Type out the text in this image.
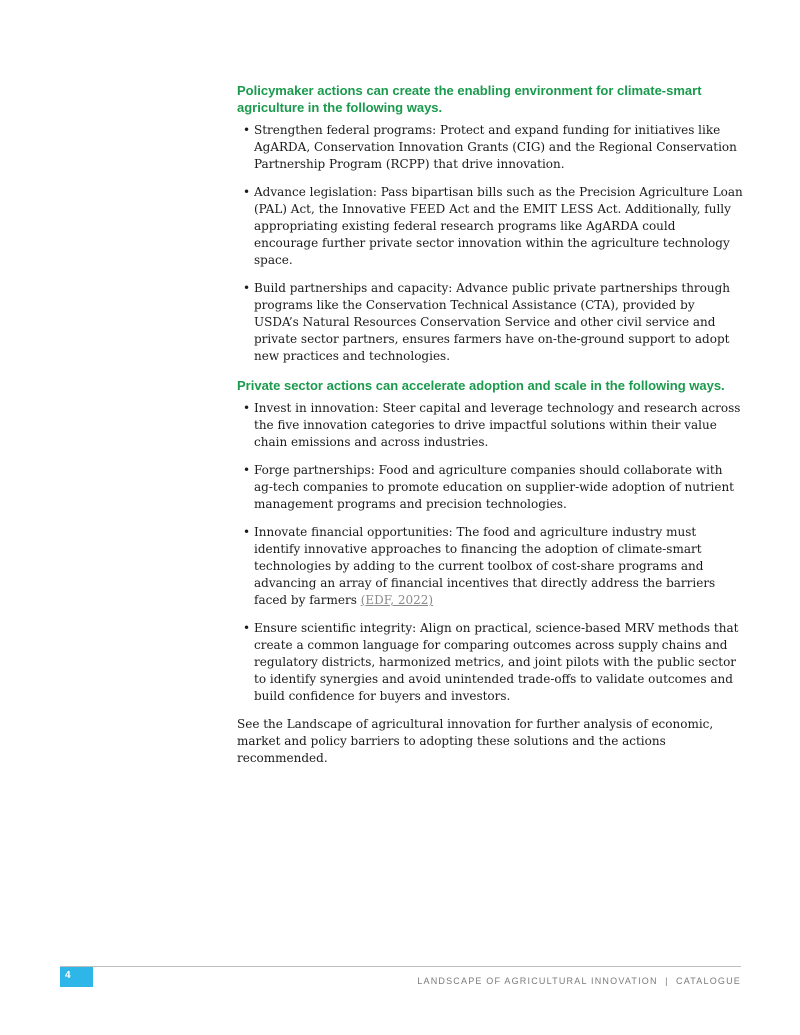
Policymaker actions can create the enabling environment for climate-smart agriculture in the following ways.
• Strengthen federal programs: Protect and expand funding for initiatives like AgARDA, Conservation Innovation Grants (CIG) and the Regional Conservation Partnership Program (RCPP) that drive innovation.
• Advance legislation: Pass bipartisan bills such as the Precision Agriculture Loan (PAL) Act, the Innovative FEED Act and the EMIT LESS Act. Additionally, fully appropriating existing federal research programs like AgARDA could encourage further private sector innovation within the agriculture technology space.
• Build partnerships and capacity: Advance public private partnerships through programs like the Conservation Technical Assistance (CTA), provided by USDA’s Natural Resources Conservation Service and other civil service and private sector partners, ensures farmers have on-the-ground support to adopt new practices and technologies.
Private sector actions can accelerate adoption and scale in the following ways.
• Invest in innovation: Steer capital and leverage technology and research across the five innovation categories to drive impactful solutions within their value chain emissions and across industries.
• Forge partnerships: Food and agriculture companies should collaborate with ag-tech companies to promote education on supplier-wide adoption of nutrient management programs and precision technologies.
• Innovate financial opportunities: The food and agriculture industry must identify innovative approaches to financing the adoption of climate-smart technologies by adding to the current toolbox of cost-share programs and advancing an array of financial incentives that directly address the barriers faced by farmers (EDF, 2022)
• Ensure scientific integrity: Align on practical, science-based MRV methods that create a common language for comparing outcomes across supply chains and regulatory districts, harmonized metrics, and joint pilots with the public sector to identify synergies and avoid unintended trade-offs to validate outcomes and build confidence for buyers and investors.

See the Landscape of agricultural innovation for further analysis of economic, market and policy barriers to adopting these solutions and the actions recommended.

4	LANDSCAPE OF AGRICULTURAL INNOVATION  |  CATALOGUE
